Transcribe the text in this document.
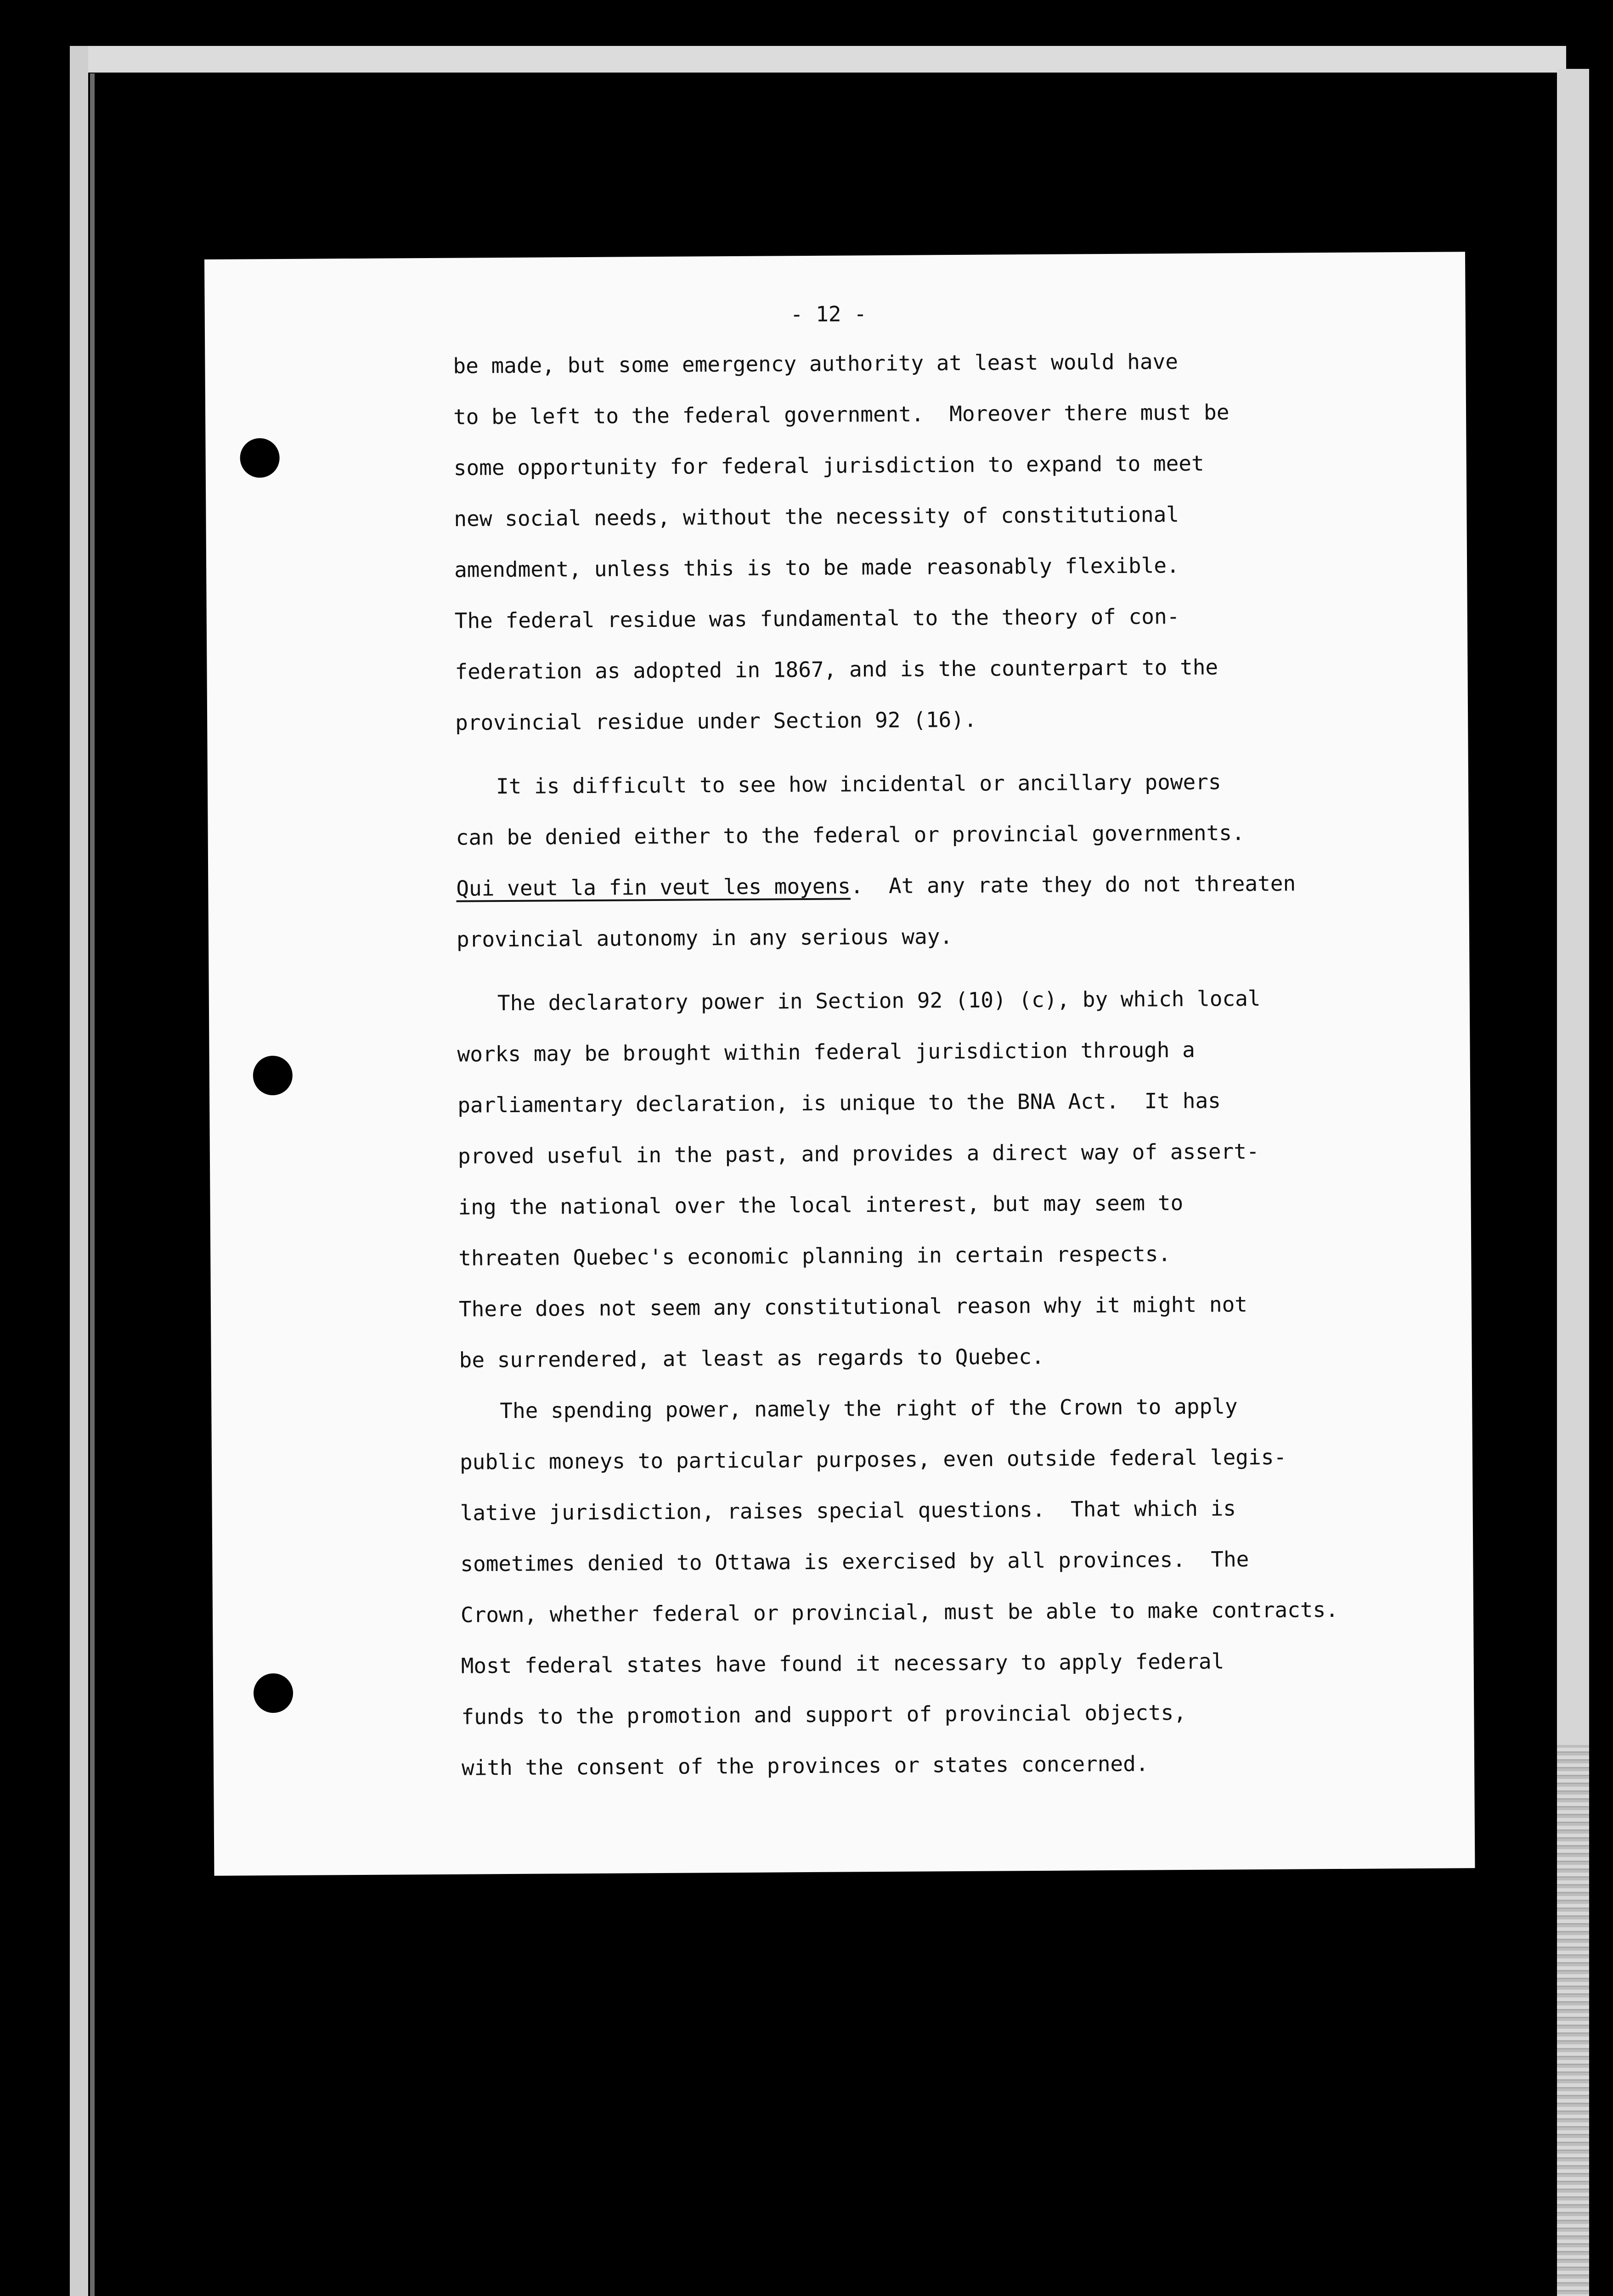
- 12 -
be made, but some emergency authority at least would have
to be left to the federal government.  Moreover there must be
some opportunity for federal jurisdiction to expand to meet
new social needs, without the necessity of constitutional
amendment, unless this is to be made reasonably flexible.
The federal residue was fundamental to the theory of con-
federation as adopted in 1867, and is the counterpart to the
provincial residue under Section 92 (16).
It is difficult to see how incidental or ancillary powers
can be denied either to the federal or provincial governments.
Qui veut la fin veut les moyens.  At any rate they do not threaten
provincial autonomy in any serious way.
The declaratory power in Section 92 (10) (c), by which local
works may be brought within federal jurisdiction through a
parliamentary declaration, is unique to the BNA Act.  It has
proved useful in the past, and provides a direct way of assert-
ing the national over the local interest, but may seem to
threaten Quebec's economic planning in certain respects.
There does not seem any constitutional reason why it might not
be surrendered, at least as regards to Quebec.
The spending power, namely the right of the Crown to apply
public moneys to particular purposes, even outside federal legis-
lative jurisdiction, raises special questions.  That which is
sometimes denied to Ottawa is exercised by all provinces.  The
Crown, whether federal or provincial, must be able to make contracts.
Most federal states have found it necessary to apply federal
funds to the promotion and support of provincial objects,
with the consent of the provinces or states concerned.
